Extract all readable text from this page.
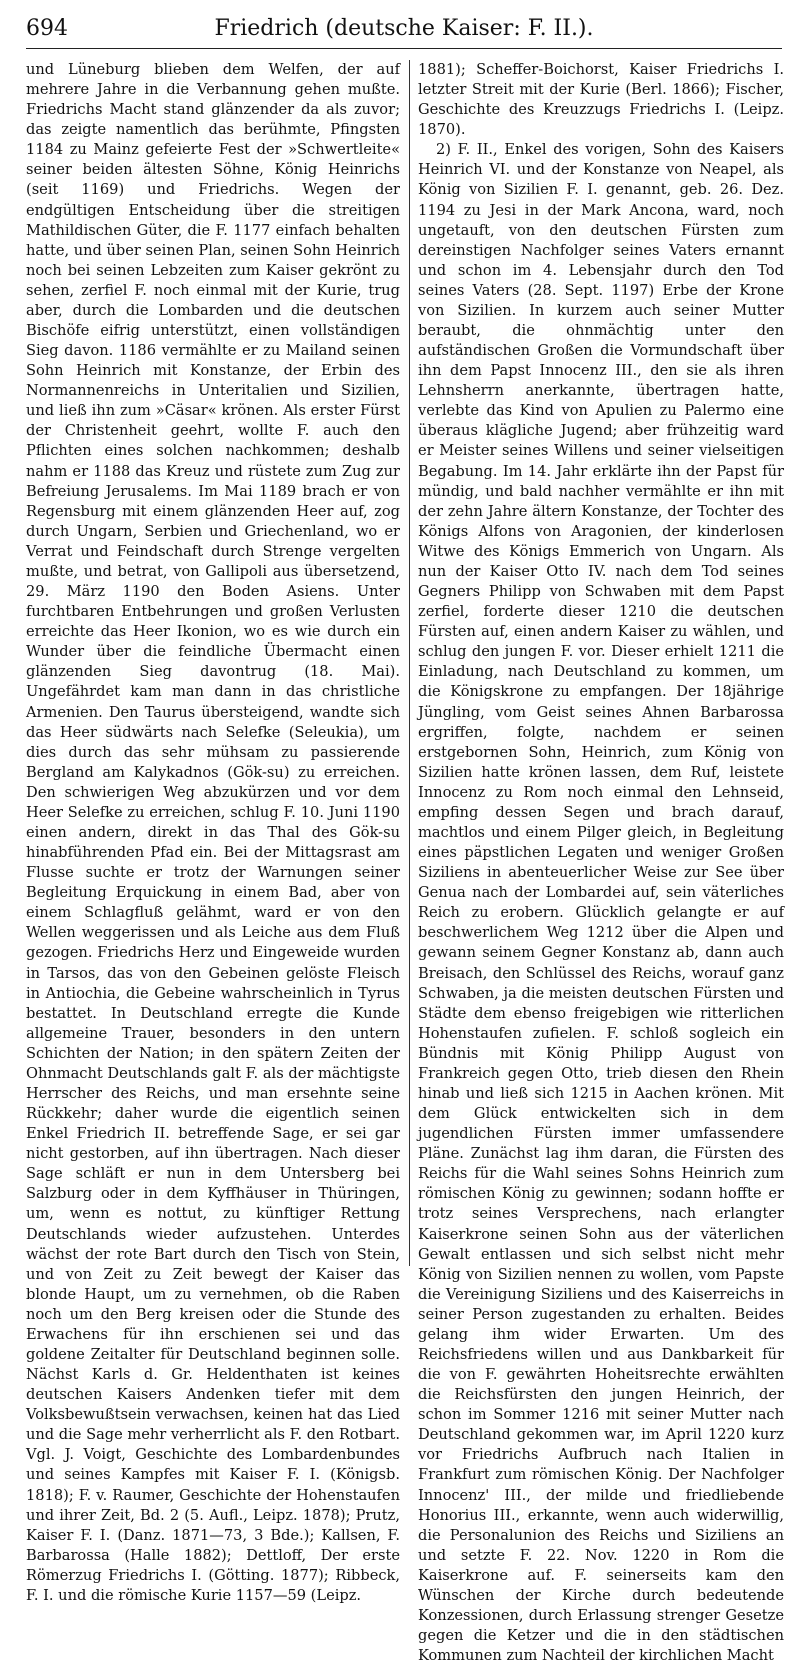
694	Friedrich (deutsche Kaiser: F. II.).

und Lüneburg blieben dem Welfen, der auf mehrere Jahre in die Verbannung gehen mußte. Friedrichs Macht stand glänzender da als zuvor; das zeigte namentlich das berühmte, Pfingsten 1184 zu Mainz gefeierte Fest der »Schwertleite« seiner beiden ältesten Söhne, König Heinrichs (seit 1169) und Friedrichs. Wegen der endgültigen Entscheidung über die streitigen Mathildischen Güter, die F. 1177 einfach behalten hatte, und über seinen Plan, seinen Sohn Heinrich noch bei seinen Lebzeiten zum Kaiser gekrönt zu sehen, zerfiel F. noch einmal mit der Kurie, trug aber, durch die Lombarden und die deutschen Bischöfe eifrig unterstützt, einen vollständigen Sieg davon. 1186 vermählte er zu Mailand seinen Sohn Heinrich mit Konstanze, der Erbin des Normannenreichs in Unteritalien und Sizilien, und ließ ihn zum »Cäsar« krönen. Als erster Fürst der Christenheit geehrt, wollte F. auch den Pflichten eines solchen nachkommen; deshalb nahm er 1188 das Kreuz und rüstete zum Zug zur Befreiung Jerusalems. Im Mai 1189 brach er von Regensburg mit einem glänzenden Heer auf, zog durch Ungarn, Serbien und Griechenland, wo er Verrat und Feindschaft durch Strenge vergelten mußte, und betrat, von Gallipoli aus übersetzend, 29. März 1190 den Boden Asiens. Unter furchtbaren Entbehrungen und großen Verlusten erreichte das Heer Ikonion, wo es wie durch ein Wunder über die feindliche Übermacht einen glänzenden Sieg davontrug (18. Mai). Ungefährdet kam man dann in das christliche Armenien. Den Taurus übersteigend, wandte sich das Heer südwärts nach Selefke (Seleukia), um dies durch das sehr mühsam zu passierende Bergland am Kalykadnos (Gök-su) zu erreichen. Den schwierigen Weg abzukürzen und vor dem Heer Selefke zu erreichen, schlug F. 10. Juni 1190 einen andern, direkt in das Thal des Gök-su hinabführenden Pfad ein. Bei der Mittagsrast am Flusse suchte er trotz der Warnungen seiner Begleitung Erquickung in einem Bad, aber von einem Schlagfluß gelähmt, ward er von den Wellen weggerissen und als Leiche aus dem Fluß gezogen. Friedrichs Herz und Eingeweide wurden in Tarsos, das von den Gebeinen gelöste Fleisch in Antiochia, die Gebeine wahrscheinlich in Tyrus bestattet. In Deutschland erregte die Kunde allgemeine Trauer, besonders in den untern Schichten der Nation; in den spätern Zeiten der Ohnmacht Deutschlands galt F. als der mächtigste Herrscher des Reichs, und man ersehnte seine Rückkehr; daher wurde die eigentlich seinen Enkel Friedrich II. betreffende Sage, er sei gar nicht gestorben, auf ihn übertragen. Nach dieser Sage schläft er nun in dem Untersberg bei Salzburg oder in dem Kyffhäuser in Thüringen, um, wenn es nottut, zu künftiger Rettung Deutschlands wieder aufzustehen. Unterdes wächst der rote Bart durch den Tisch von Stein, und von Zeit zu Zeit bewegt der Kaiser das blonde Haupt, um zu vernehmen, ob die Raben noch um den Berg kreisen oder die Stunde des Erwachens für ihn erschienen sei und das goldene Zeitalter für Deutschland beginnen solle. Nächst Karls d. Gr. Heldenthaten ist keines deutschen Kaisers Andenken tiefer mit dem Volksbewußtsein verwachsen, keinen hat das Lied und die Sage mehr verherrlicht als F. den Rotbart. Vgl. J. Voigt, Geschichte des Lombardenbundes und seines Kampfes mit Kaiser F. I. (Königsb. 1818); F. v. Raumer, Geschichte der Hohenstaufen und ihrer Zeit, Bd. 2 (5. Aufl., Leipz. 1878); Prutz, Kaiser F. I. (Danz. 1871—73, 3 Bde.); Kallsen, F. Barbarossa (Halle 1882); Dettloff, Der erste Römerzug Friedrichs I. (Götting. 1877); Ribbeck, F. I. und die römische Kurie 1157—59 (Leipz.

1881); Scheffer-Boichorst, Kaiser Friedrichs I. letzter Streit mit der Kurie (Berl. 1866); Fischer, Geschichte des Kreuzzugs Friedrichs I. (Leipz. 1870).

2) F. II., Enkel des vorigen, Sohn des Kaisers Heinrich VI. und der Konstanze von Neapel, als König von Sizilien F. I. genannt, geb. 26. Dez. 1194 zu Jesi in der Mark Ancona, ward, noch ungetauft, von den deutschen Fürsten zum dereinstigen Nachfolger seines Vaters ernannt und schon im 4. Lebensjahr durch den Tod seines Vaters (28. Sept. 1197) Erbe der Krone von Sizilien. In kurzem auch seiner Mutter beraubt, die ohnmächtig unter den aufständischen Großen die Vormundschaft über ihn dem Papst Innocenz III., den sie als ihren Lehnsherrn anerkannte, übertragen hatte, verlebte das Kind von Apulien zu Palermo eine überaus klägliche Jugend; aber frühzeitig ward er Meister seines Willens und seiner vielseitigen Begabung. Im 14. Jahr erklärte ihn der Papst für mündig, und bald nachher vermählte er ihn mit der zehn Jahre ältern Konstanze, der Tochter des Königs Alfons von Aragonien, der kinderlosen Witwe des Königs Emmerich von Ungarn. Als nun der Kaiser Otto IV. nach dem Tod seines Gegners Philipp von Schwaben mit dem Papst zerfiel, forderte dieser 1210 die deutschen Fürsten auf, einen andern Kaiser zu wählen, und schlug den jungen F. vor. Dieser erhielt 1211 die Einladung, nach Deutschland zu kommen, um die Königskrone zu empfangen. Der 18jährige Jüngling, vom Geist seines Ahnen Barbarossa ergriffen, folgte, nachdem er seinen erstgebornen Sohn, Heinrich, zum König von Sizilien hatte krönen lassen, dem Ruf, leistete Innocenz zu Rom noch einmal den Lehnseid, empfing dessen Segen und brach darauf, machtlos und einem Pilger gleich, in Begleitung eines päpstlichen Legaten und weniger Großen Siziliens in abenteuerlicher Weise zur See über Genua nach der Lombardei auf, sein väterliches Reich zu erobern. Glücklich gelangte er auf beschwerlichem Weg 1212 über die Alpen und gewann seinem Gegner Konstanz ab, dann auch Breisach, den Schlüssel des Reichs, worauf ganz Schwaben, ja die meisten deutschen Fürsten und Städte dem ebenso freigebigen wie ritterlichen Hohenstaufen zufielen. F. schloß sogleich ein Bündnis mit König Philipp August von Frankreich gegen Otto, trieb diesen den Rhein hinab und ließ sich 1215 in Aachen krönen. Mit dem Glück entwickelten sich in dem jugendlichen Fürsten immer umfassendere Pläne. Zunächst lag ihm daran, die Fürsten des Reichs für die Wahl seines Sohns Heinrich zum römischen König zu gewinnen; sodann hoffte er trotz seines Versprechens, nach erlangter Kaiserkrone seinen Sohn aus der väterlichen Gewalt entlassen und sich selbst nicht mehr König von Sizilien nennen zu wollen, vom Papste die Vereinigung Siziliens und des Kaiserreichs in seiner Person zugestanden zu erhalten. Beides gelang ihm wider Erwarten. Um des Reichsfriedens willen und aus Dankbarkeit für die von F. gewährten Hoheitsrechte erwählten die Reichsfürsten den jungen Heinrich, der schon im Sommer 1216 mit seiner Mutter nach Deutschland gekommen war, im April 1220 kurz vor Friedrichs Aufbruch nach Italien in Frankfurt zum römischen König. Der Nachfolger Innocenz' III., der milde und friedliebende Honorius III., erkannte, wenn auch widerwillig, die Personalunion des Reichs und Siziliens an und setzte F. 22. Nov. 1220 in Rom die Kaiserkrone auf. F. seinerseits kam den Wünschen der Kirche durch bedeutende Konzessionen, durch Erlassung strenger Gesetze gegen die Ketzer und die in den städtischen Kommunen zum Nachteil der kirchlichen Macht
